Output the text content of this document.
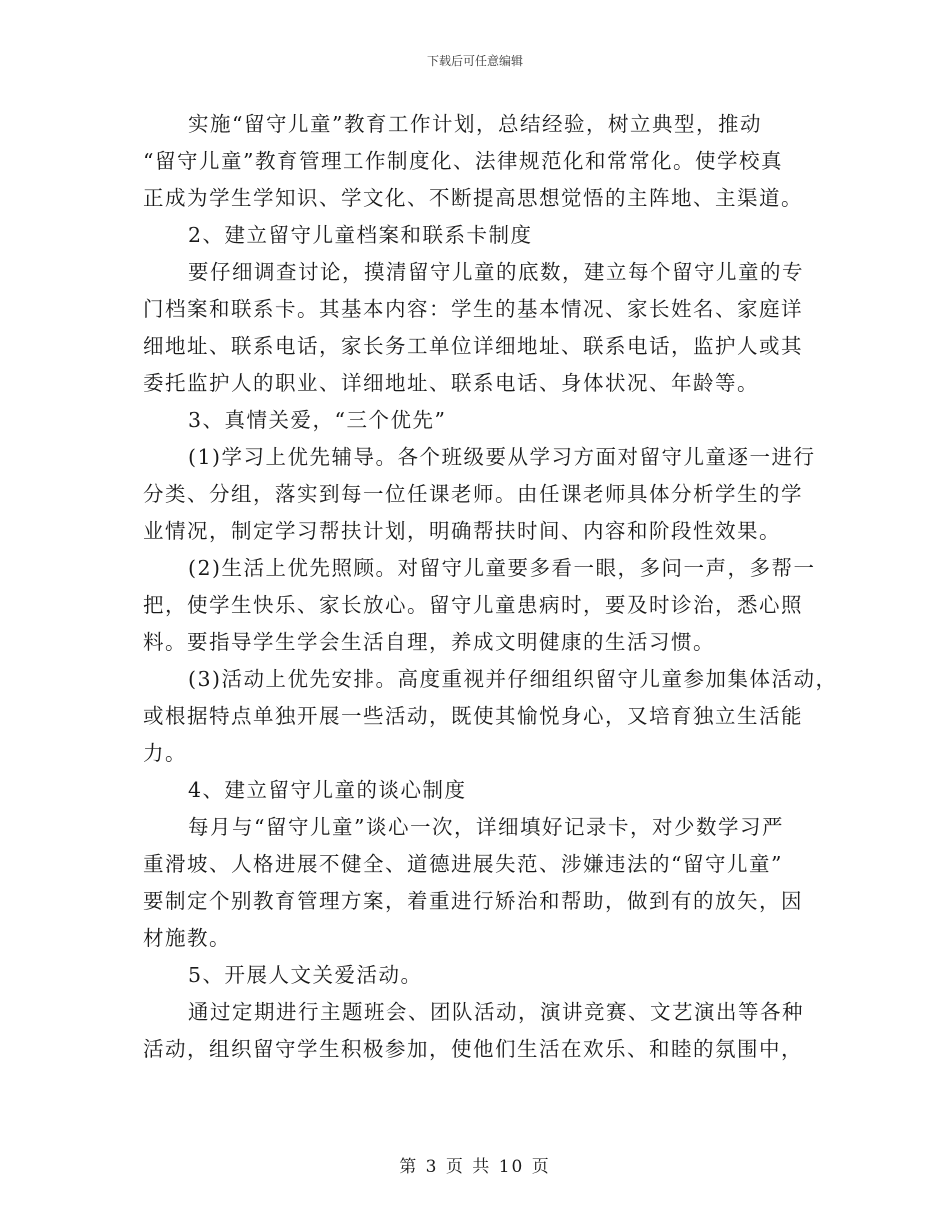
下载后可任意编辑
实施“留守儿童”教育工作计划，总结经验，树立典型，推动
“留守儿童”教育管理工作制度化、法律规范化和常常化。使学校真
正成为学生学知识、学文化、不断提高思想觉悟的主阵地、主渠道。
2、建立留守儿童档案和联系卡制度
要仔细调查讨论，摸清留守儿童的底数，建立每个留守儿童的专
门档案和联系卡。其基本内容：学生的基本情况、家长姓名、家庭详
细地址、联系电话，家长务工单位详细地址、联系电话，监护人或其
委托监护人的职业、详细地址、联系电话、身体状况、年龄等。
3、真情关爱，“三个优先”
(1)学习上优先辅导。各个班级要从学习方面对留守儿童逐一进行
分类、分组，落实到每一位任课老师。由任课老师具体分析学生的学
业情况，制定学习帮扶计划，明确帮扶时间、内容和阶段性效果。
(2)生活上优先照顾。对留守儿童要多看一眼，多问一声，多帮一
把，使学生快乐、家长放心。留守儿童患病时，要及时诊治，悉心照
料。要指导学生学会生活自理，养成文明健康的生活习惯。
(3)活动上优先安排。高度重视并仔细组织留守儿童参加集体活动，
或根据特点单独开展一些活动，既使其愉悦身心，又培育独立生活能
力。
4、建立留守儿童的谈心制度
每月与“留守儿童”谈心一次，详细填好记录卡，对少数学习严
重滑坡、人格进展不健全、道德进展失范、涉嫌违法的“留守儿童”
要制定个别教育管理方案，着重进行矫治和帮助，做到有的放矢，因
材施教。
5、开展人文关爱活动。
通过定期进行主题班会、团队活动，演讲竞赛、文艺演出等各种
活动，组织留守学生积极参加，使他们生活在欢乐、和睦的氛围中，
第 3 页 共 10 页
